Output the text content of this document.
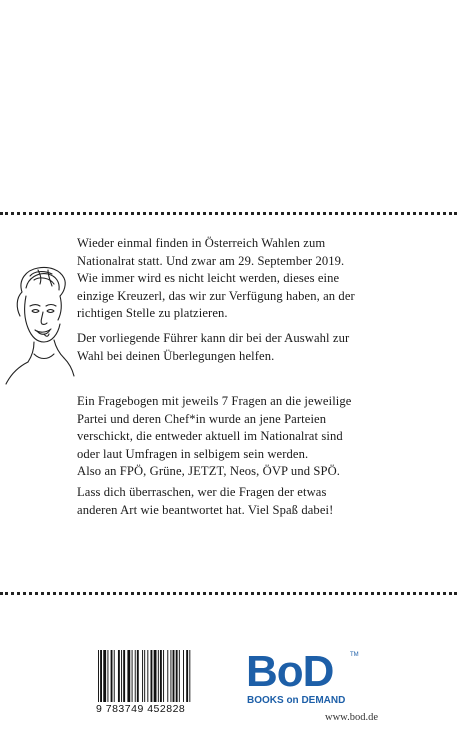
Wieder einmal finden in Österreich Wahlen zum
Nationalrat statt. Und zwar am 29. September 2019.
Wie immer wird es nicht leicht werden, dieses eine
einzige Kreuzerl, das wir zur Verfügung haben, an der
richtigen Stelle zu platzieren.
Der vorliegende Führer kann dir bei der Auswahl zur
Wahl bei deinen Überlegungen helfen.
Ein Fragebogen mit jeweils 7 Fragen an die jeweilige
Partei und deren Chef*in wurde an jene Parteien
verschickt, die entweder aktuell im Nationalrat sind
oder laut Umfragen in selbigem sein werden.
Also an FPÖ, Grüne, JETZT, Neos, ÖVP und SPÖ.
Lass dich überraschen, wer die Fragen der etwas
anderen Art wie beantwortet hat. Viel Spaß dabei!
9 783749 452828
BoD	TM
BOOKS on DEMAND
www.bod.de
